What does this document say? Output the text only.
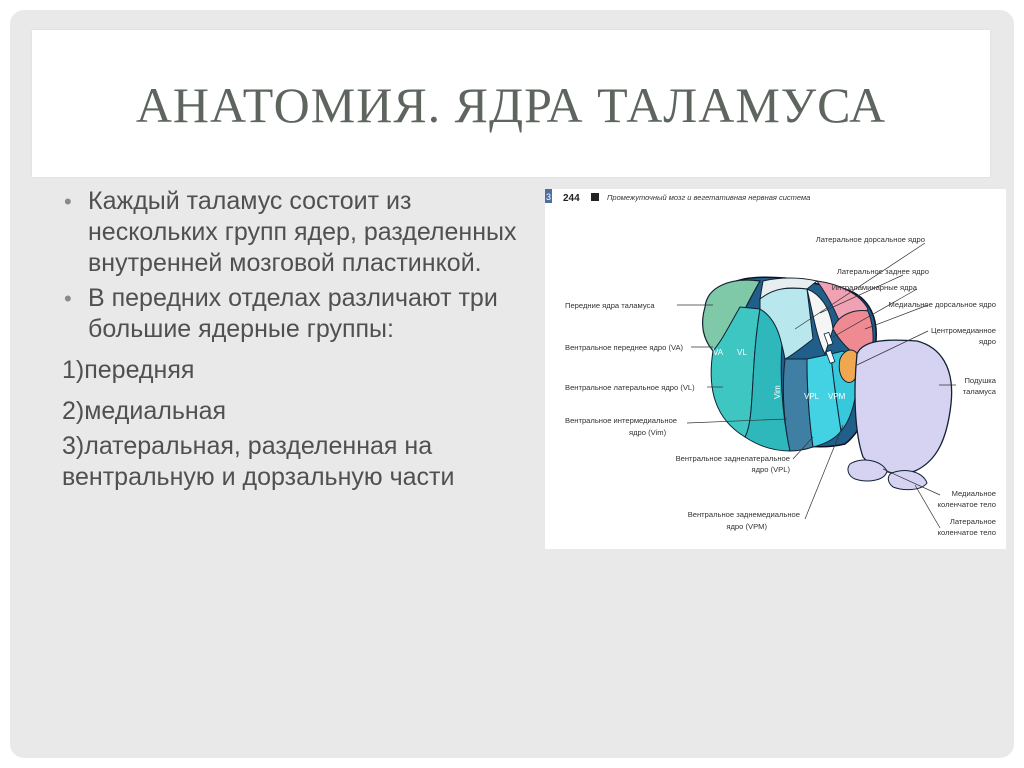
АНАТОМИЯ. ЯДРА ТАЛАМУСА
• Каждый таламус состоит из нескольких групп ядер, разделенных внутренней мозговой пластинкой.
• В передних отделах различают три большие ядерные группы:
1)передняя
2)медиальная
3)латеральная, разделенная на вентральную и дорзальную части
3 244	Промежуточный мозг и вегетативная нервная система
VA VL
Vim	VPL VPM
Латеральное дорсальное ядро
Латеральное заднее ядро
Интраламинарные ядра
Медиальное дорсальное ядро
Центромедианное
ядро
Передние ядра таламуса
Вентральное переднее ядро (VA)
Вентральное латеральное ядро (VL)
Вентральное интермедиальное
ядро (Vim)
Подушка
таламуса
Вентральное заднелатеральное
ядро (VPL)
Медиальное
коленчатое тело
Вентральное заднемедиальное
ядро (VPM)
Латеральное
коленчатое тело
